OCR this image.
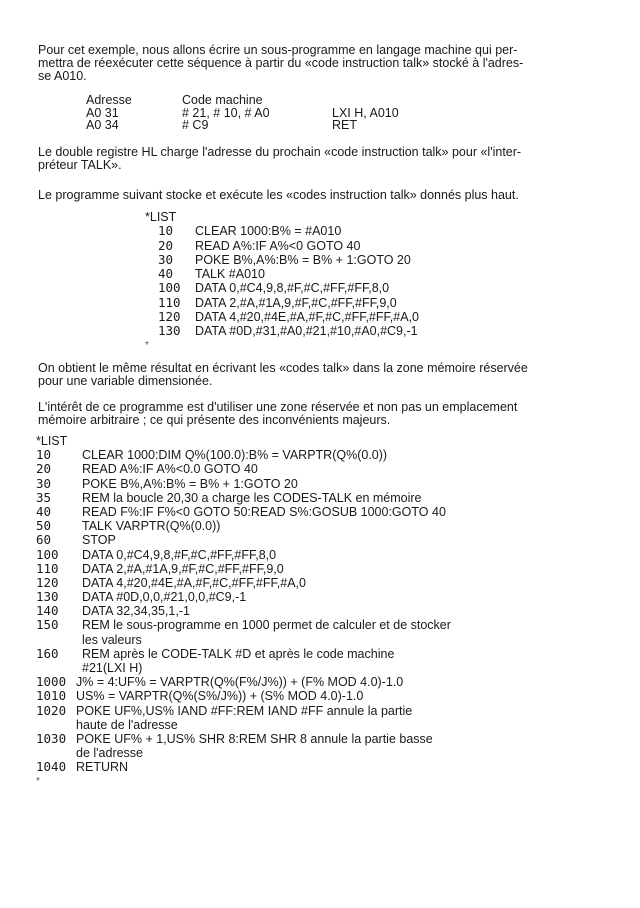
Pour cet exemple, nous allons écrire un sous-programme en langage machine qui per-
mettra de réexécuter cette séquence à partir du «code instruction talk» stocké à l'adres-
se A010.
Adresse	Code machine
A0 31	# 21, # 10, # A0	LXI H, A010
A0 34	# C9	RET
Le double registre HL charge l'adresse du prochain «code instruction talk» pour «l'inter-
préteur TALK».
Le programme suivant stocke et exécute les «codes instruction talk» donnés plus haut.
*LIST
10 CLEAR 1000:B% = #A010
20 READ A%:IF A%<0 GOTO 40
30 POKE B%,A%:B% = B% + 1:GOTO 20
40 TALK #A010
100 DATA 0,#C4,9,8,#F,#C,#FF,#FF,8,0
110 DATA 2,#A,#1A,9,#F,#C,#FF,#FF,9,0
120 DATA 4,#20,#4E,#A,#F,#C,#FF,#FF,#A,0
130 DATA #0D,#31,#A0,#21,#10,#A0,#C9,-1
*
On obtient le même résultat en écrivant les «codes talk» dans la zone mémoire réservée
pour une variable dimensionée.
L'intérêt de ce programme est d'utiliser une zone réservée et non pas un emplacement
mémoire arbitraire ; ce qui présente des inconvénients majeurs.
*LIST
10 CLEAR 1000:DIM Q%(100.0):B% = VARPTR(Q%(0.0))
20 READ A%:IF A%<0.0 GOTO 40
30 POKE B%,A%:B% = B% + 1:GOTO 20
35 REM la boucle 20,30 a charge les CODES-TALK en mémoire
40 READ F%:IF F%<0 GOTO 50:READ S%:GOSUB 1000:GOTO 40
50 TALK VARPTR(Q%(0.0))
60 STOP
100 DATA 0,#C4,9,8,#F,#C,#FF,#FF,8,0
110 DATA 2,#A,#1A,9,#F,#C,#FF,#FF,9,0
120 DATA 4,#20,#4E,#A,#F,#C,#FF,#FF,#A,0
130 DATA #0D,0,0,#21,0,0,#C9,-1
140 DATA 32,34,35,1,-1
150 REM le sous-programme en 1000 permet de calculer et de stocker
les valeurs
160 REM après le CODE-TALK #D et après le code machine
#21(LXI H)
1000 J% = 4:UF% = VARPTR(Q%(F%/J%)) + (F% MOD 4.0)-1.0
1010 US% = VARPTR(Q%(S%/J%)) + (S% MOD 4.0)-1.0
1020 POKE UF%,US% IAND #FF:REM IAND #FF annule la partie
haute de l'adresse
1030 POKE UF% + 1,US% SHR 8:REM SHR 8 annule la partie basse
de l'adresse
1040 RETURN
*
